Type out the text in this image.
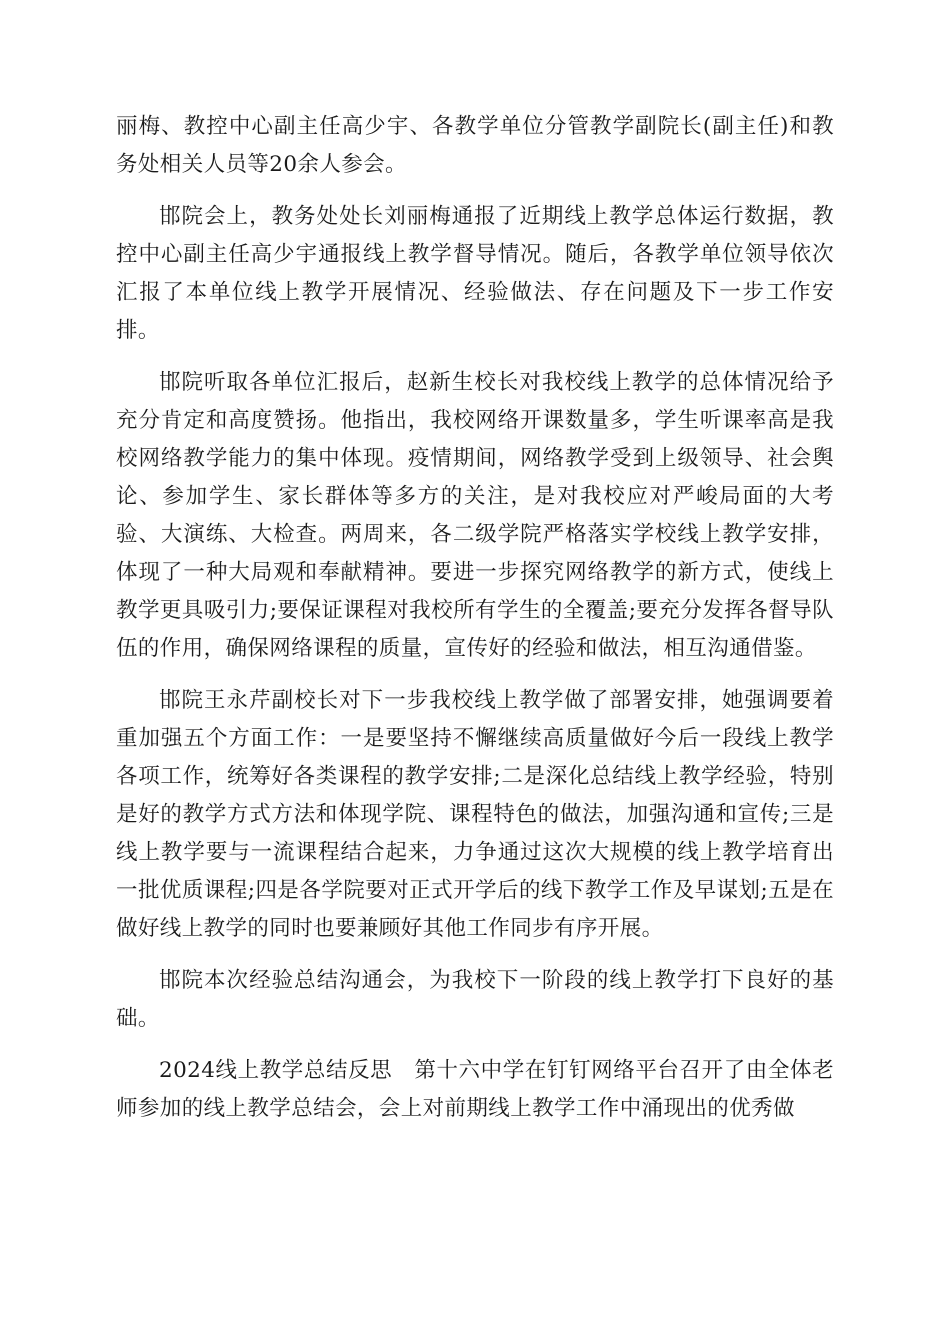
丽梅、教控中心副主任高少宇、各教学单位分管教学副院长(副主任)和教务处相关人员等20余人参会。

邯院会上，教务处处长刘丽梅通报了近期线上教学总体运行数据，教控中心副主任高少宇通报线上教学督导情况。随后，各教学单位领导依次汇报了本单位线上教学开展情况、经验做法、存在问题及下一步工作安排。

邯院听取各单位汇报后，赵新生校长对我校线上教学的总体情况给予充分肯定和高度赞扬。他指出，我校网络开课数量多，学生听课率高是我校网络教学能力的集中体现。疫情期间，网络教学受到上级领导、社会舆论、参加学生、家长群体等多方的关注，是对我校应对严峻局面的大考验、大演练、大检查。两周来，各二级学院严格落实学校线上教学安排，体现了一种大局观和奉献精神。要进一步探究网络教学的新方式，使线上教学更具吸引力;要保证课程对我校所有学生的全覆盖;要充分发挥各督导队伍的作用，确保网络课程的质量，宣传好的经验和做法，相互沟通借鉴。

邯院王永芹副校长对下一步我校线上教学做了部署安排，她强调要着重加强五个方面工作：一是要坚持不懈继续高质量做好今后一段线上教学各项工作，统筹好各类课程的教学安排;二是深化总结线上教学经验，特别是好的教学方式方法和体现学院、课程特色的做法，加强沟通和宣传;三是线上教学要与一流课程结合起来，力争通过这次大规模的线上教学培育出一批优质课程;四是各学院要对正式开学后的线下教学工作及早谋划;五是在做好线上教学的同时也要兼顾好其他工作同步有序开展。

邯院本次经验总结沟通会，为我校下一阶段的线上教学打下良好的基础。

2024线上教学总结反思　第十六中学在钉钉网络平台召开了由全体老师参加的线上教学总结会，会上对前期线上教学工作中涌现出的优秀做
